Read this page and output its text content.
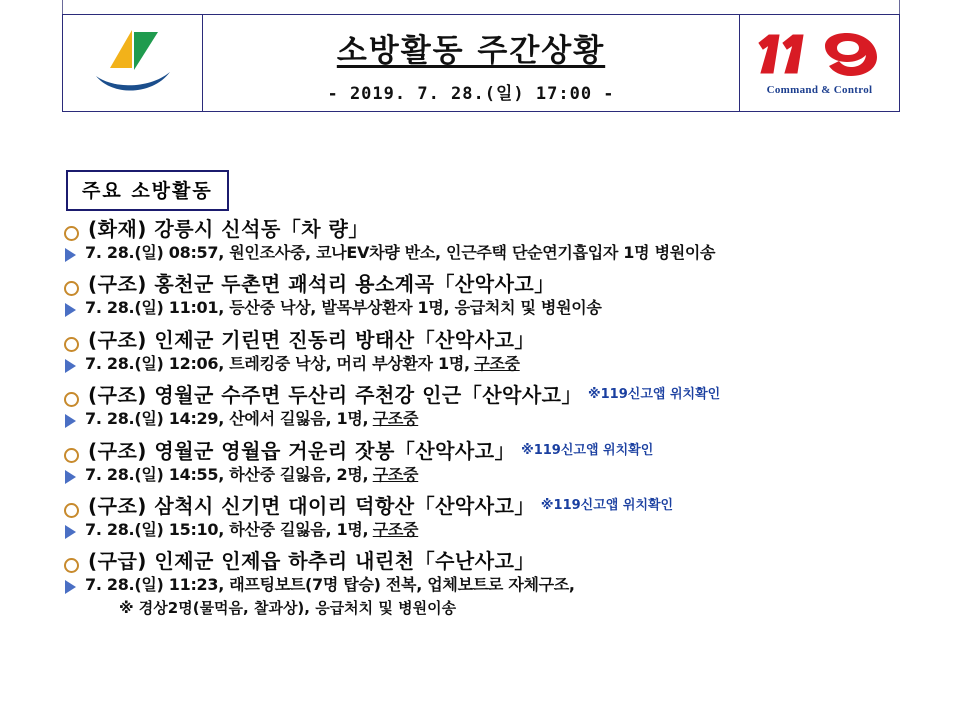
소방활동 주간상황
- 2019. 7. 28.(일) 17:00 -	Command & Control
주요 소방활동
(화재) 강릉시 신석동「차 량」
7. 28.(일) 08:57, 원인조사중, 코나EV차량 반소, 인근주택 단순연기흡입자 1명 병원이송
(구조) 홍천군 두촌면 괘석리 용소계곡「산악사고」
7. 28.(일) 11:01, 등산중 낙상, 발목부상환자 1명, 응급처치 및 병원이송
(구조) 인제군 기린면 진동리 방태산「산악사고」
7. 28.(일) 12:06, 트레킹중 낙상, 머리 부상환자 1명,
구조중
(구조) 영월군 수주면 두산리 주천강 인근「산악사고」 ※119신고앱 위치확인
7. 28.(일) 14:29, 산에서 길잃음, 1명,
구조중
(구조) 영월군 영월읍 거운리 잣봉「산악사고」 ※119신고앱 위치확인
7. 28.(일) 14:55, 하산중 길잃음, 2명,
구조중
(구조) 삼척시 신기면 대이리 덕항산「산악사고」 ※119신고앱 위치확인
7. 28.(일) 15:10, 하산중 길잃음, 1명,
구조중
(구급) 인제군 인제읍 하추리 내린천「수난사고」
7. 28.(일) 11:23, 래프팅보트(7명 탑승) 전복, 업체보트로 자체구조,
※ 경상2명(물먹음, 찰과상), 응급처치 및 병원이송
